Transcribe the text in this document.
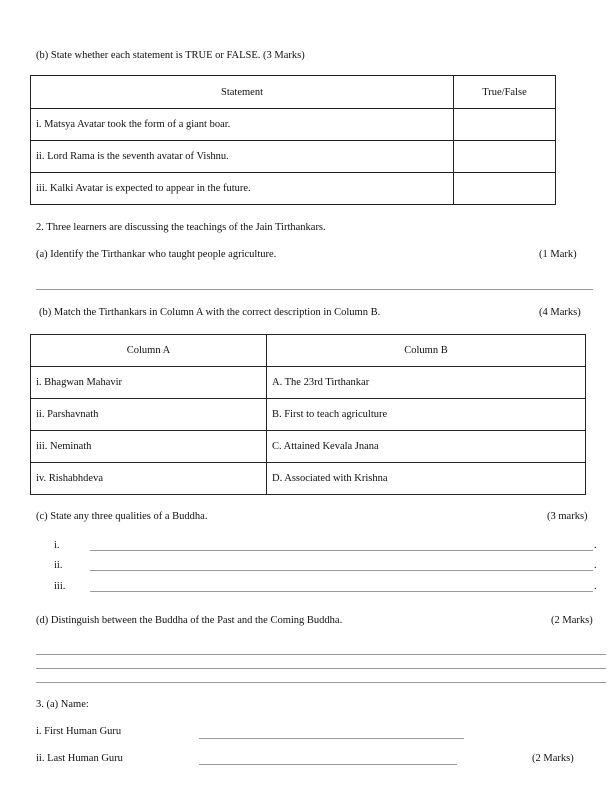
(b) State whether each statement is TRUE or FALSE. (3 Marks)
Statement	True/False
i. Matsya Avatar took the form of a giant boar.	
ii. Lord Rama is the seventh avatar of Vishnu.	
iii. Kalki Avatar is expected to appear in the future.	
2. Three learners are discussing the teachings of the Jain Tirthankars.
(a) Identify the Tirthankar who taught people agriculture.	(1 Mark)
(b) Match the Tirthankars in Column A with the correct description in Column B.	(4 Marks)
Column A	Column B
i. Bhagwan Mahavir	A. The 23rd Tirthankar
ii. Parshavnath	B. First to teach agriculture
iii. Neminath	C. Attained Kevala Jnana
iv. Rishabhdeva	D. Associated with Krishna
(c) State any three qualities of a Buddha.	(3 marks)
i.	.
ii.	.
iii.	.
(d) Distinguish between the Buddha of the Past and the Coming Buddha.	(2 Marks)
3. (a) Name:
i. First Human Guru
ii. Last Human Guru	(2 Marks)
